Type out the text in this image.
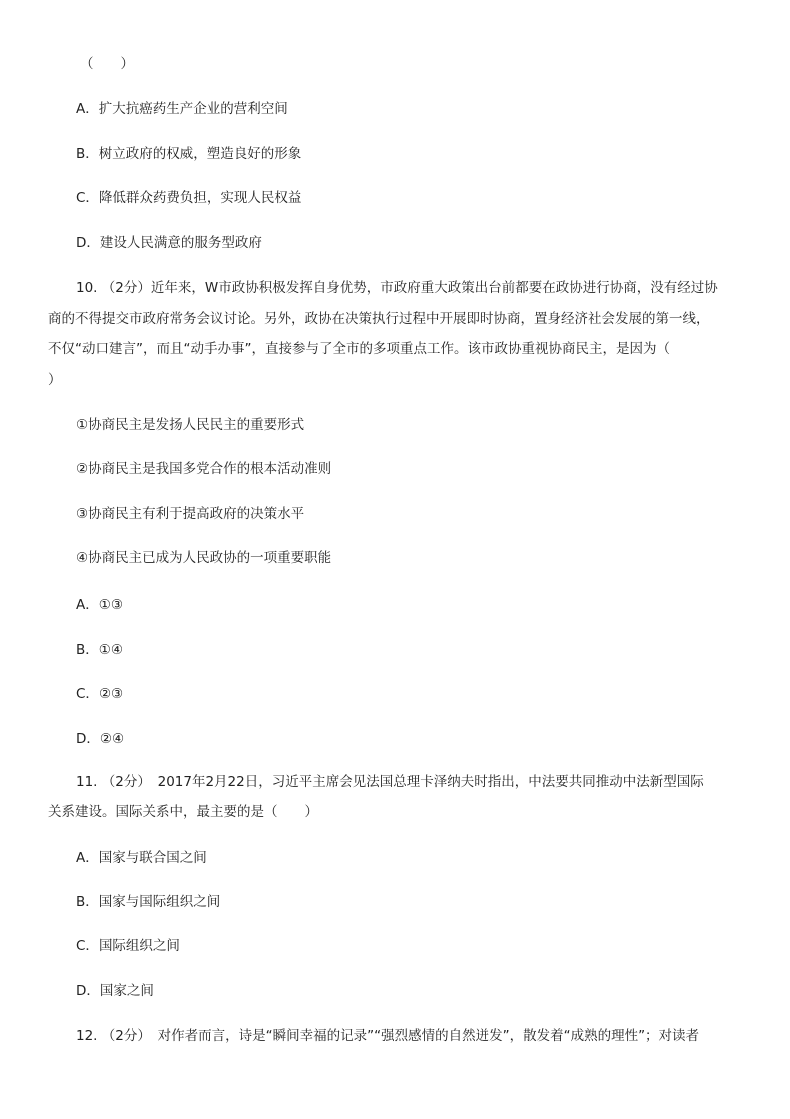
（　　）
A．扩大抗癌药生产企业的营利空间
B．树立政府的权威，塑造良好的形象
C．降低群众药费负担，实现人民权益
D．建设人民满意的服务型政府
10. （2分）近年来，W市政协积极发挥自身优势，市政府重大政策出台前都要在政协进行协商，没有经过协
商的不得提交市政府常务会议讨论。另外，政协在决策执行过程中开展即时协商，置身经济社会发展的第一线，
不仅“动口建言”，而且“动手办事”，直接参与了全市的多项重点工作。该市政协重视协商民主，是因为（
）
①协商民主是发扬人民民主的重要形式
②协商民主是我国多党合作的根本活动准则
③协商民主有利于提高政府的决策水平
④协商民主已成为人民政协的一项重要职能
A．①③
B．①④
C．②③
D．②④
11. （2分）　2017年2月22日，习近平主席会见法国总理卡泽纳夫时指出，中法要共同推动中法新型国际
关系建设。国际关系中，最主要的是（　　）
A．国家与联合国之间
B．国家与国际组织之间
C．国际组织之间
D．国家之间
12. （2分）　对作者而言，诗是“瞬间幸福的记录”“强烈感情的自然迸发”，散发着“成熟的理性”；对读者
